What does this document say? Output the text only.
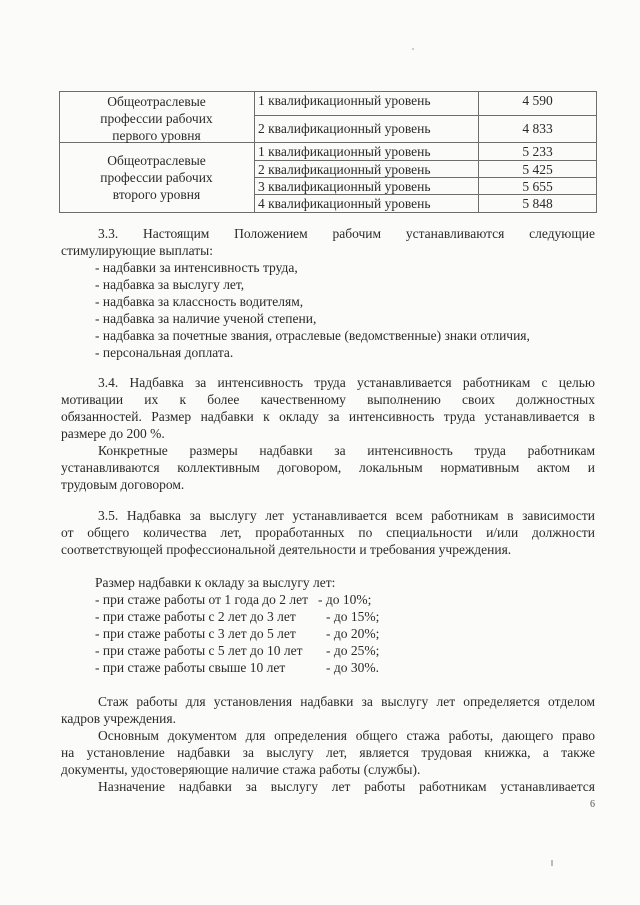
Общеотраслевые профессии рабочих первого уровня
1 квалификационный уровень	4 590
2 квалификационный уровень	4 833
Общеотраслевые профессии рабочих второго уровня
1 квалификационный уровень	5 233
2 квалификационный уровень	5 425
3 квалификационный уровень	5 655
4 квалификационный уровень	5 848
3.3. Настоящим Положением рабочим устанавливаются следующие
стимулирующие выплаты:
- надбавки за интенсивность труда,
- надбавка за выслугу лет,
- надбавка за классность водителям,
- надбавка за наличие ученой степени,
- надбавка за почетные звания, отраслевые (ведомственные) знаки отличия,
- персональная доплата.
3.4. Надбавка за интенсивность труда устанавливается работникам с целью
мотивации их к более качественному выполнению своих должностных
обязанностей. Размер надбавки к окладу за интенсивность труда устанавливается в
размере до 200 %.
Конкретные размеры надбавки за интенсивность труда работникам
устанавливаются коллективным договором, локальным нормативным актом и
трудовым договором.
3.5. Надбавка за выслугу лет устанавливается всем работникам в зависимости
от общего количества лет, проработанных по специальности и/или должности
соответствующей профессиональной деятельности и требования учреждения.
Размер надбавки к окладу за выслугу лет:
- при стаже работы от 1 года до 2 лет - до 10%;
- при стаже работы с 2 лет до 3 лет - до 15%;
- при стаже работы с 3 лет до 5 лет - до 20%;
- при стаже работы с 5 лет до 10 лет - до 25%;
- при стаже работы свыше 10 лет	- до 30%.
Стаж работы для установления надбавки за выслугу лет определяется отделом
кадров учреждения.
Основным документом для определения общего стажа работы, дающего право
на установление надбавки за выслугу лет, является трудовая книжка, а также
документы, удостоверяющие наличие стажа работы (службы).
Назначение надбавки за выслугу лет работы работникам устанавливается
6
